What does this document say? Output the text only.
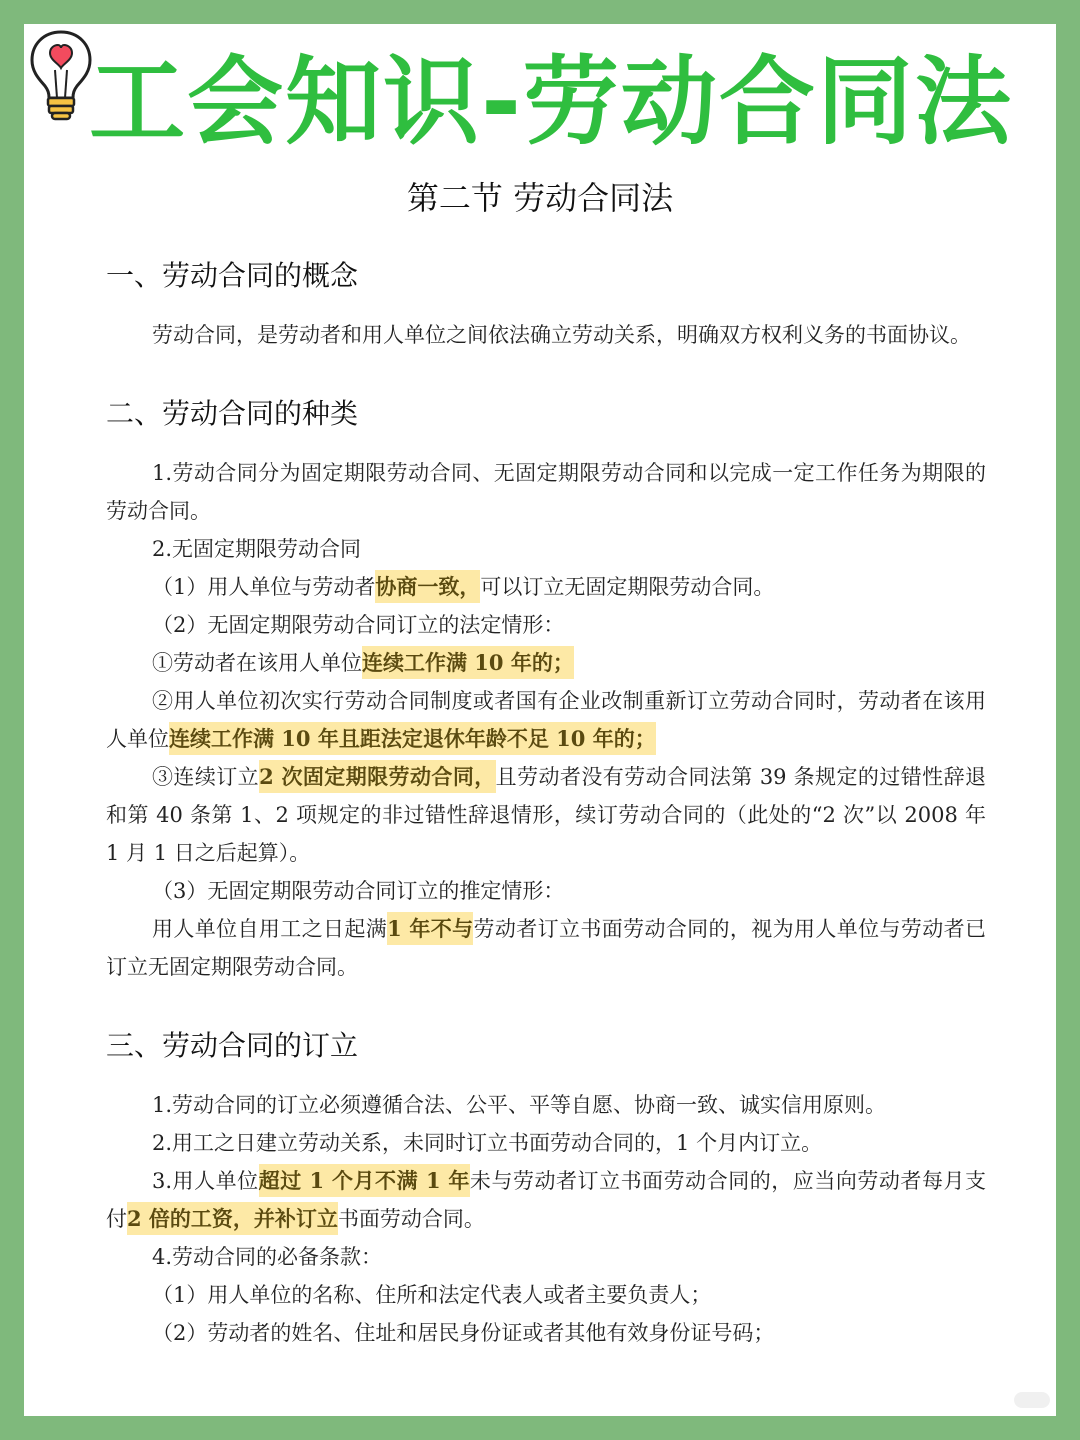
工会知识-劳动合同法
第二节 劳动合同法
一、劳动合同的概念

劳动合同，是劳动者和用人单位之间依法确立劳动关系，明确双方权利义务的书面协议。

二、劳动合同的种类

1.劳动合同分为固定期限劳动合同、无固定期限劳动合同和以完成一定工作任务为期限的劳动合同。

2.无固定期限劳动合同

（1）用人单位与劳动者协商一致，可以订立无固定期限劳动合同。

（2）无固定期限劳动合同订立的法定情形：

①劳动者在该用人单位连续工作满 10 年的；

②用人单位初次实行劳动合同制度或者国有企业改制重新订立劳动合同时，劳动者在该用人单位连续工作满 10 年且距法定退休年龄不足 10 年的；

③连续订立2 次固定期限劳动合同，且劳动者没有劳动合同法第 39 条规定的过错性辞退和第 40 条第 1、2 项规定的非过错性辞退情形，续订劳动合同的（此处的“2 次”以 2008 年 1 月 1 日之后起算）。

（3）无固定期限劳动合同订立的推定情形：

用人单位自用工之日起满1 年不与劳动者订立书面劳动合同的，视为用人单位与劳动者已订立无固定期限劳动合同。

三、劳动合同的订立

1.劳动合同的订立必须遵循合法、公平、平等自愿、协商一致、诚实信用原则。

2.用工之日建立劳动关系，未同时订立书面劳动合同的，1 个月内订立。

3.用人单位超过 1 个月不满 1 年未与劳动者订立书面劳动合同的，应当向劳动者每月支付2 倍的工资，并补订立书面劳动合同。

4.劳动合同的必备条款：

（1）用人单位的名称、住所和法定代表人或者主要负责人；

（2）劳动者的姓名、住址和居民身份证或者其他有效身份证号码；
